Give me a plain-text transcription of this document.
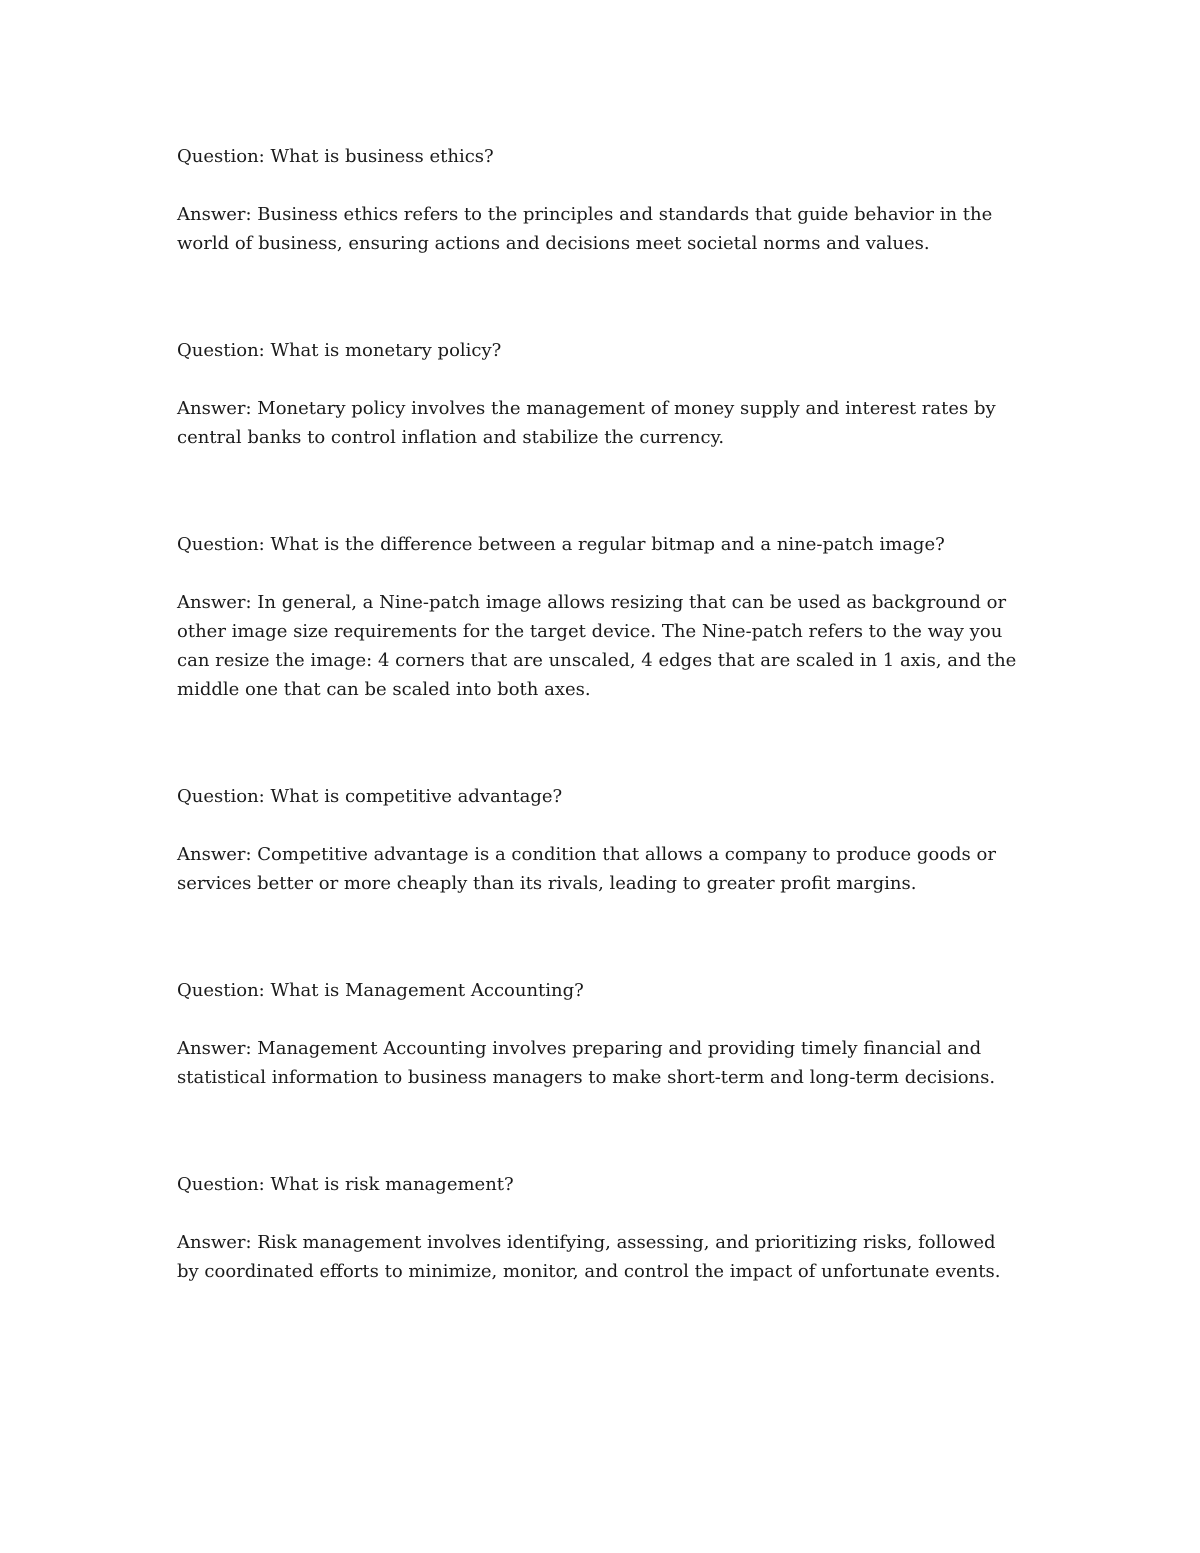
Question: What is business ethics?

Answer: Business ethics refers to the principles and standards that guide behavior in the world of business, ensuring actions and decisions meet societal norms and values.

Question: What is monetary policy?

Answer: Monetary policy involves the management of money supply and interest rates by central banks to control inflation and stabilize the currency.

Question: What is the difference between a regular bitmap and a nine-patch image?

Answer: In general, a Nine-patch image allows resizing that can be used as background or other image size requirements for the target device. The Nine-patch refers to the way you can resize the image: 4 corners that are unscaled, 4 edges that are scaled in 1 axis, and the middle one that can be scaled into both axes.

Question: What is competitive advantage?

Answer: Competitive advantage is a condition that allows a company to produce goods or services better or more cheaply than its rivals, leading to greater profit margins.

Question: What is Management Accounting?

Answer: Management Accounting involves preparing and providing timely financial and statistical information to business managers to make short-term and long-term decisions.

Question: What is risk management?

Answer: Risk management involves identifying, assessing, and prioritizing risks, followed by coordinated efforts to minimize, monitor, and control the impact of unfortunate events.
